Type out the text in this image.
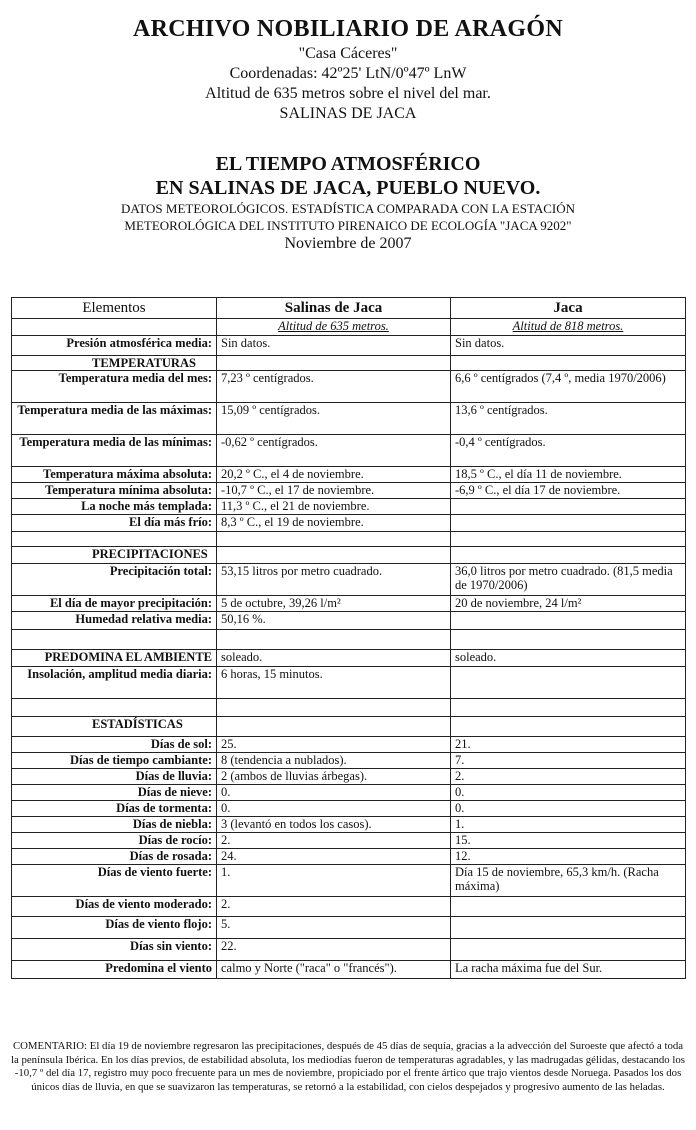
ARCHIVO NOBILIARIO DE ARAGÓN
"Casa Cáceres"
Coordenadas: 42º25' LtN/0º47º LnW
Altitud de 635 metros sobre el nivel del mar.
SALINAS DE JACA
EL TIEMPO ATMOSFÉRICO
EN SALINAS DE JACA, PUEBLO NUEVO.
DATOS METEOROLÓGICOS. ESTADÍSTICA COMPARADA CON LA ESTACIÓN
METEOROLÓGICA DEL INSTITUTO PIRENAICO DE ECOLOGÍA "JACA 9202"
Noviembre de 2007
Elementos	Salinas de Jaca	Jaca
	Altitud de 635 metros.	Altitud de 818 metros.
Presión atmosférica media:	Sin datos.	Sin datos.
TEMPERATURAS		
Temperatura media del mes:	7,23 º centígrados.	6,6 º centígrados (7,4 º, media 1970/2006)
Temperatura media de las máximas:	15,09 º centígrados.	13,6 º centígrados.
Temperatura media de las mínimas:	-0,62 º centígrados.	-0,4 º centígrados.
Temperatura máxima absoluta:	20,2 º C., el 4 de noviembre.	18,5 º C., el día 11 de noviembre.
Temperatura mínima absoluta:	-10,7 º C., el 17 de noviembre.	-6,9 º C., el día 17 de noviembre.
La noche más templada:	11,3 º C., el 21 de noviembre.	
El día más frío:	8,3 º C., el 19 de noviembre.	

PRECIPITACIONES		
Precipitación total:	53,15 litros por metro cuadrado.	36,0 litros por metro cuadrado. (81,5 media de 1970/2006)
El día de mayor precipitación:	5 de octubre, 39,26 l/m²	20 de noviembre, 24 l/m²
Humedad relativa media:	50,16 %.	

PREDOMINA EL AMBIENTE	soleado.	soleado.
Insolación, amplitud media diaria:	6 horas, 15 minutos.	

ESTADÍSTICAS		
Días de sol:	25.	21.
Días de tiempo cambiante:	8 (tendencia a nublados).	7.
Días de lluvia:	2 (ambos de lluvias árbegas).	2.
Días de nieve:	0.	0.
Días de tormenta:	0.	0.
Días de niebla:	3 (levantó en todos los casos).	1.
Días de rocío:	2.	15.
Días de rosada:	24.	12.
Días de viento fuerte:	1.	Día 15 de noviembre, 65,3 km/h. (Racha máxima)
Días de viento moderado:	2.	
Días de viento flojo:	5.	
Días sin viento:	22.	
Predomina el viento	calmo y Norte ("raca" o "francés").	La racha máxima fue del Sur.
COMENTARIO: El día 19 de noviembre regresaron las precipitaciones, después de 45 días de sequía, gracias a la advección del Suroeste que afectó a toda la península Ibérica. En los días previos, de estabilidad absoluta, los mediodías fueron de temperaturas agradables, y las madrugadas gélidas, destacando los -10,7 º del día 17, registro muy poco frecuente para un mes de noviembre, propiciado por el frente ártico que trajo vientos desde Noruega. Pasados los dos únicos días de lluvia, en que se suavizaron las temperaturas, se retornó a la estabilidad, con cielos despejados y progresivo aumento de las heladas.
